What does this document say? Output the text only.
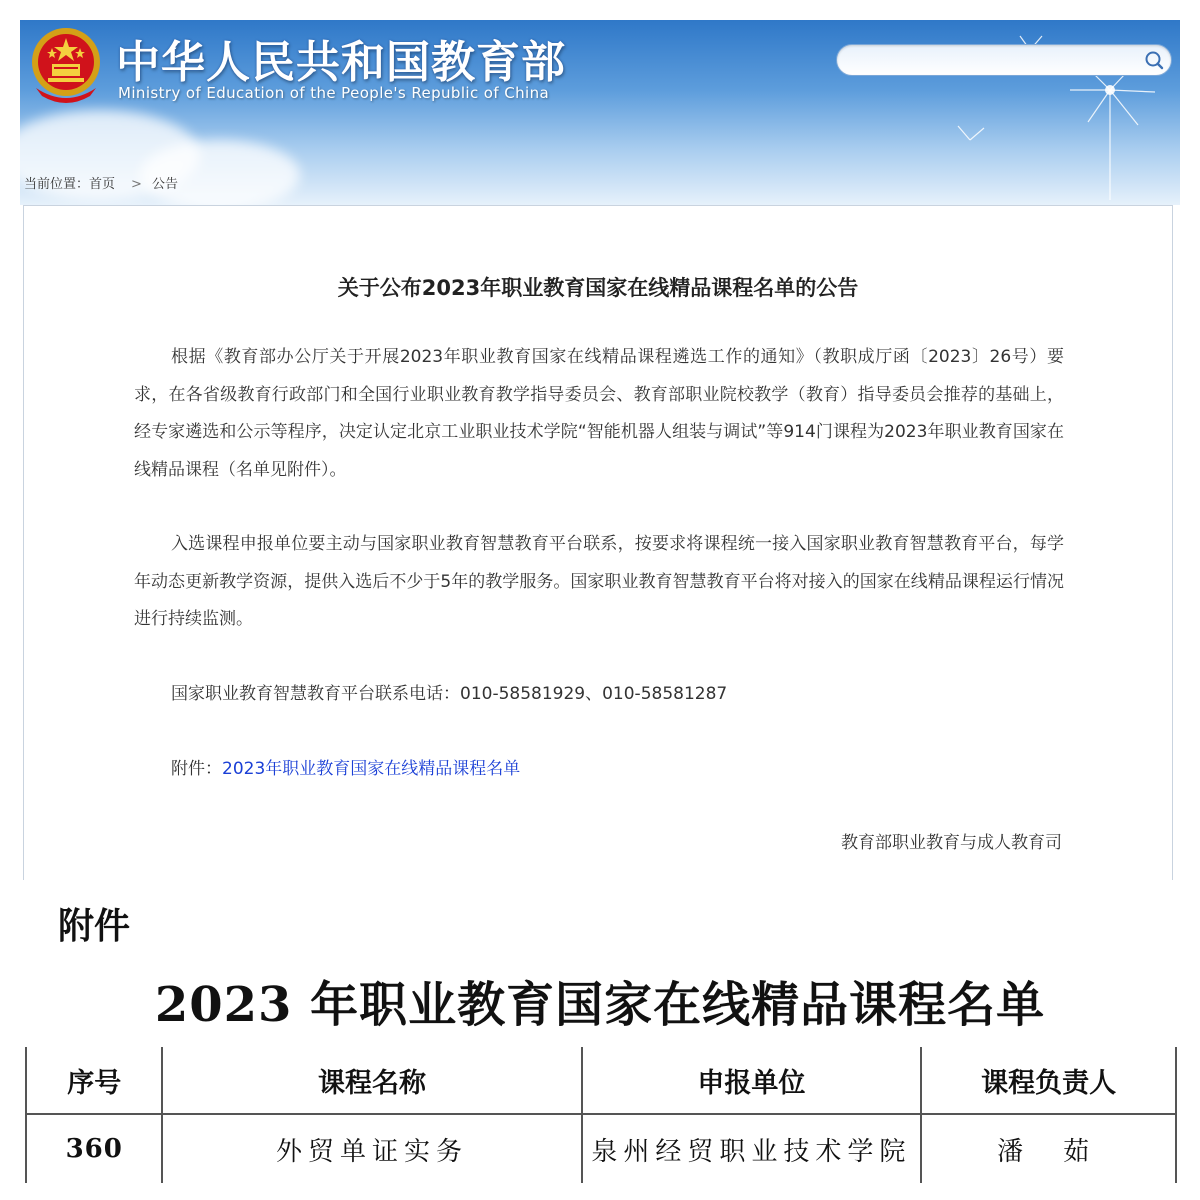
中华人民共和国教育部
Ministry of Education of the People's Republic of China
当前位置：首页 > 公告
关于公布2023年职业教育国家在线精品课程名单的公告
根据《教育部办公厅关于开展2023年职业教育国家在线精品课程遴选工作的通知》（教职成厅函〔2023〕26号）要求，在各省级教育行政部门和全国行业职业教育教学指导委员会、教育部职业院校教学（教育）指导委员会推荐的基础上，经专家遴选和公示等程序，决定认定北京工业职业技术学院“智能机器人组装与调试”等914门课程为2023年职业教育国家在线精品课程（名单见附件）。
入选课程申报单位要主动与国家职业教育智慧教育平台联系，按要求将课程统一接入国家职业教育智慧教育平台，每学年动态更新教学资源，提供入选后不少于5年的教学服务。国家职业教育智慧教育平台将对接入的国家在线精品课程运行情况进行持续监测。
国家职业教育智慧教育平台联系电话：010-58581929、010-58581287
附件：2023年职业教育国家在线精品课程名单
教育部职业教育与成人教育司
附件
2023 年职业教育国家在线精品课程名单
序号	课程名称	申报单位	课程负责人
360	外贸单证实务	泉州经贸职业技术学院	潘茹
